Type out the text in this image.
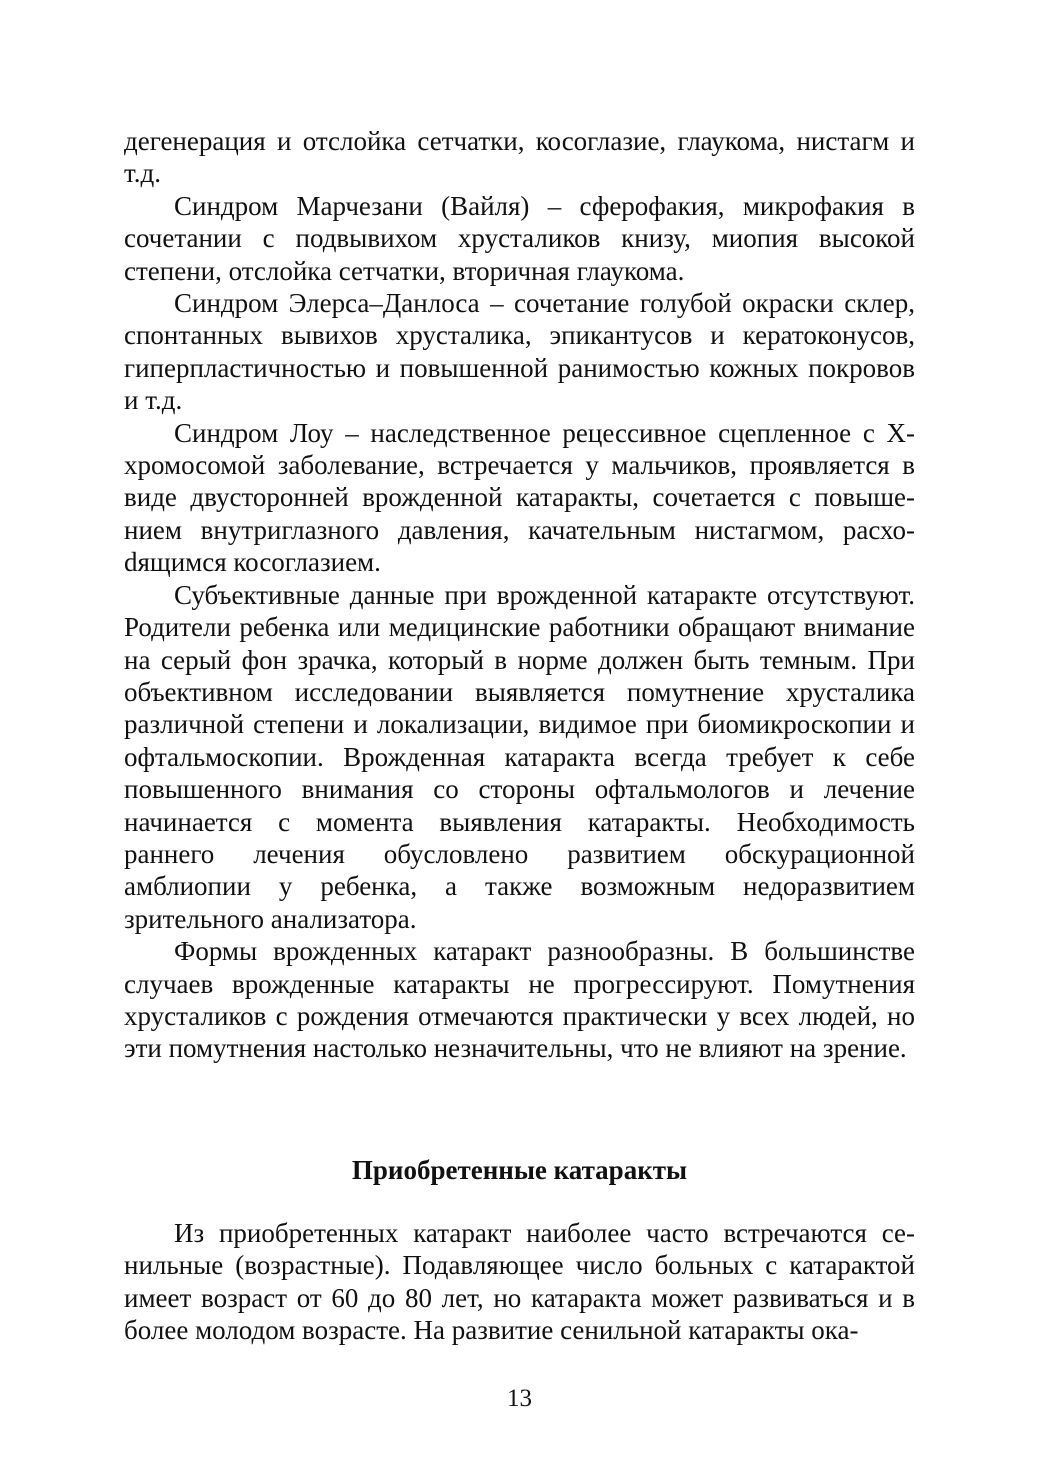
дегенерация и отслойка сетчатки, косоглазие, глаукома, нистагм и т.д.

Синдром Марчезани (Вайля) – сферофакия, микрофакия в сочетании с подвывихом хрусталиков книзу, миопия высокой степени, отслойка сетчатки, вторичная глаукома.

Синдром Элерса–Данлоса – сочетание голубой окраски склер, спонтанных вывихов хрусталика, эпикантусов и кератоконусов, гиперпластичностью и повышенной ранимостью кожных покровов и т.д.

Синдром Лоу – наследственное рецессивное сцепленное с Х-хромосомой заболевание, встречается у мальчиков, проявляется в виде двусторонней врожденной катаракты, сочетается с повышением внутриглазного давления, качательным нистагмом, расхоdящимся косоглазием.

Субъективные данные при врожденной катаракте отсутствуют. Родители ребенка или медицинские работники обращают внимание на серый фон зрачка, который в норме должен быть темным. При объективном исследовании выявляется помутнение хрусталика различной степени и локализации, видимое при биомикроскопии и офтальмоскопии. Врожденная катаракта всегда требует к себе повышенного внимания со стороны офтальмологов и лечение начинается с момента выявления катаракты. Необходимость раннего лечения обусловлено развитием обскурационной амблиопии у ребенка, а также возможным недоразвитием зрительного анализатора.

Формы врожденных катаракт разнообразны. В большинстве случаев врожденные катаракты не прогрессируют. Помутнения хрусталиков с рождения отмечаются практически у всех людей, но эти помутнения настолько незначительны, что не влияют на зрение.

Приобретенные катаракты

Из приобретенных катаракт наиболее часто встречаются сенильные (возрастные). Подавляющее число больных с катарактой имеет возраст от 60 до 80 лет, но катаракта может развиваться и в более молодом возрасте. На развитие сенильной катаракты ока-

13
